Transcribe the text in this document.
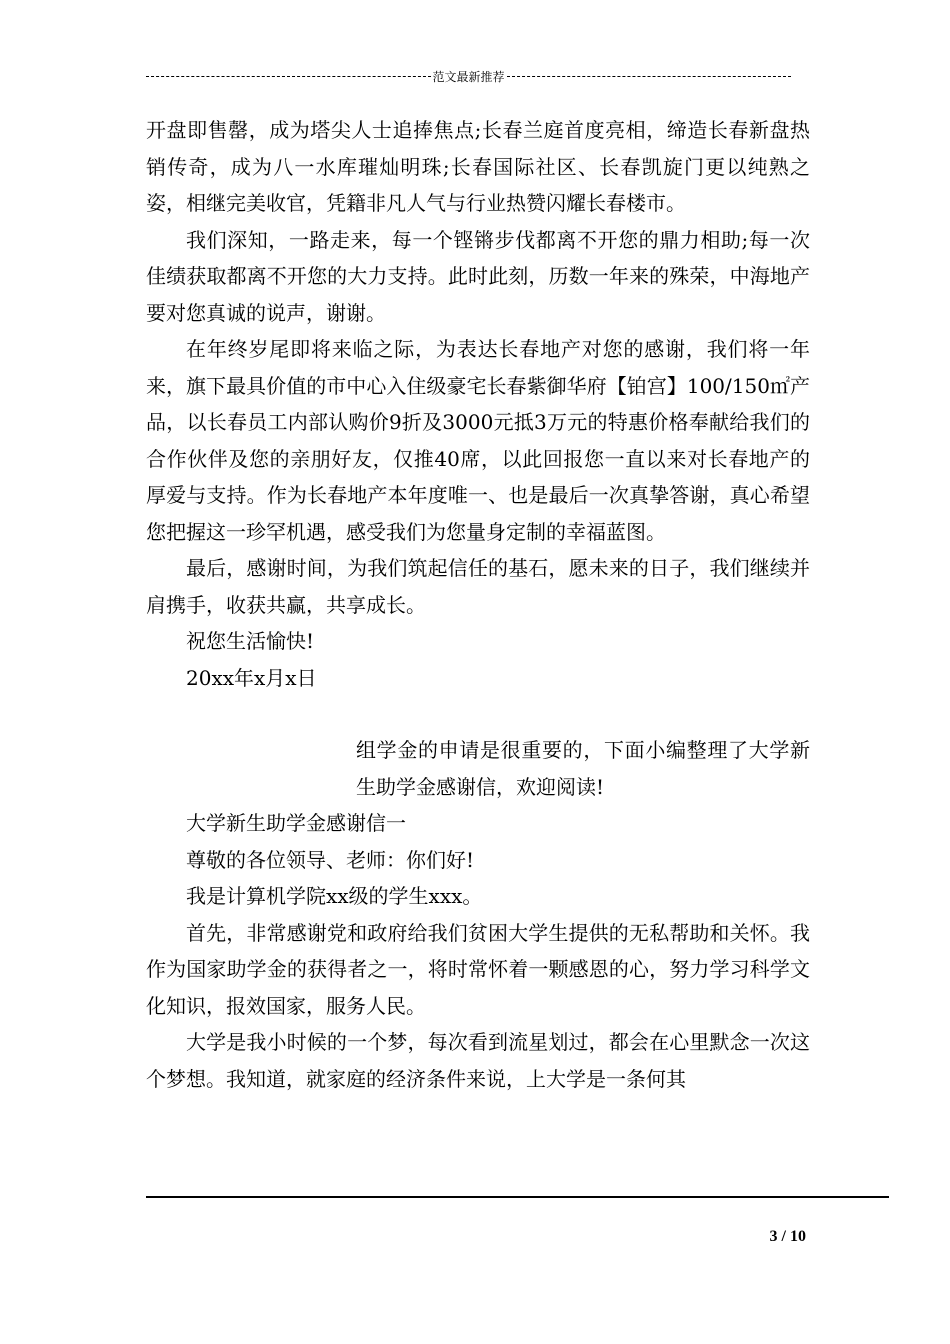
范文最新推荐

开盘即售罄，成为塔尖人士追捧焦点;长春兰庭首度亮相，缔造长春新盘热销传奇，成为八一水库璀灿明珠;长春国际社区、长春凯旋门更以纯熟之姿，相继完美收官，凭籍非凡人气与行业热赞闪耀长春楼市。

我们深知，一路走来，每一个铿锵步伐都离不开您的鼎力相助;每一次佳绩获取都离不开您的大力支持。此时此刻，历数一年来的殊荣，中海地产要对您真诚的说声，谢谢。

在年终岁尾即将来临之际，为表达长春地产对您的感谢，我们将一年来，旗下最具价值的市中心入住级豪宅长春紫御华府【铂宫】100/150㎡产品，以长春员工内部认购价9折及3000元抵3万元的特惠价格奉献给我们的合作伙伴及您的亲朋好友，仅推40席，以此回报您一直以来对长春地产的厚爱与支持。作为长春地产本年度唯一、也是最后一次真挚答谢，真心希望您把握这一珍罕机遇，感受我们为您量身定制的幸福蓝图。

最后，感谢时间，为我们筑起信任的基石，愿未来的日子，我们继续并肩携手，收获共赢，共享成长。

祝您生活愉快!

20xx年x月x日

组学金的申请是很重要的，下面小编整理了大学新生助学金感谢信，欢迎阅读!

大学新生助学金感谢信一

尊敬的各位领导、老师：你们好!

我是计算机学院xx级的学生xxx。

首先，非常感谢党和政府给我们贫困大学生提供的无私帮助和关怀。我作为国家助学金的获得者之一，将时常怀着一颗感恩的心，努力学习科学文化知识，报效国家，服务人民。

大学是我小时候的一个梦，每次看到流星划过，都会在心里默念一次这个梦想。我知道，就家庭的经济条件来说，上大学是一条何其

3 / 10
